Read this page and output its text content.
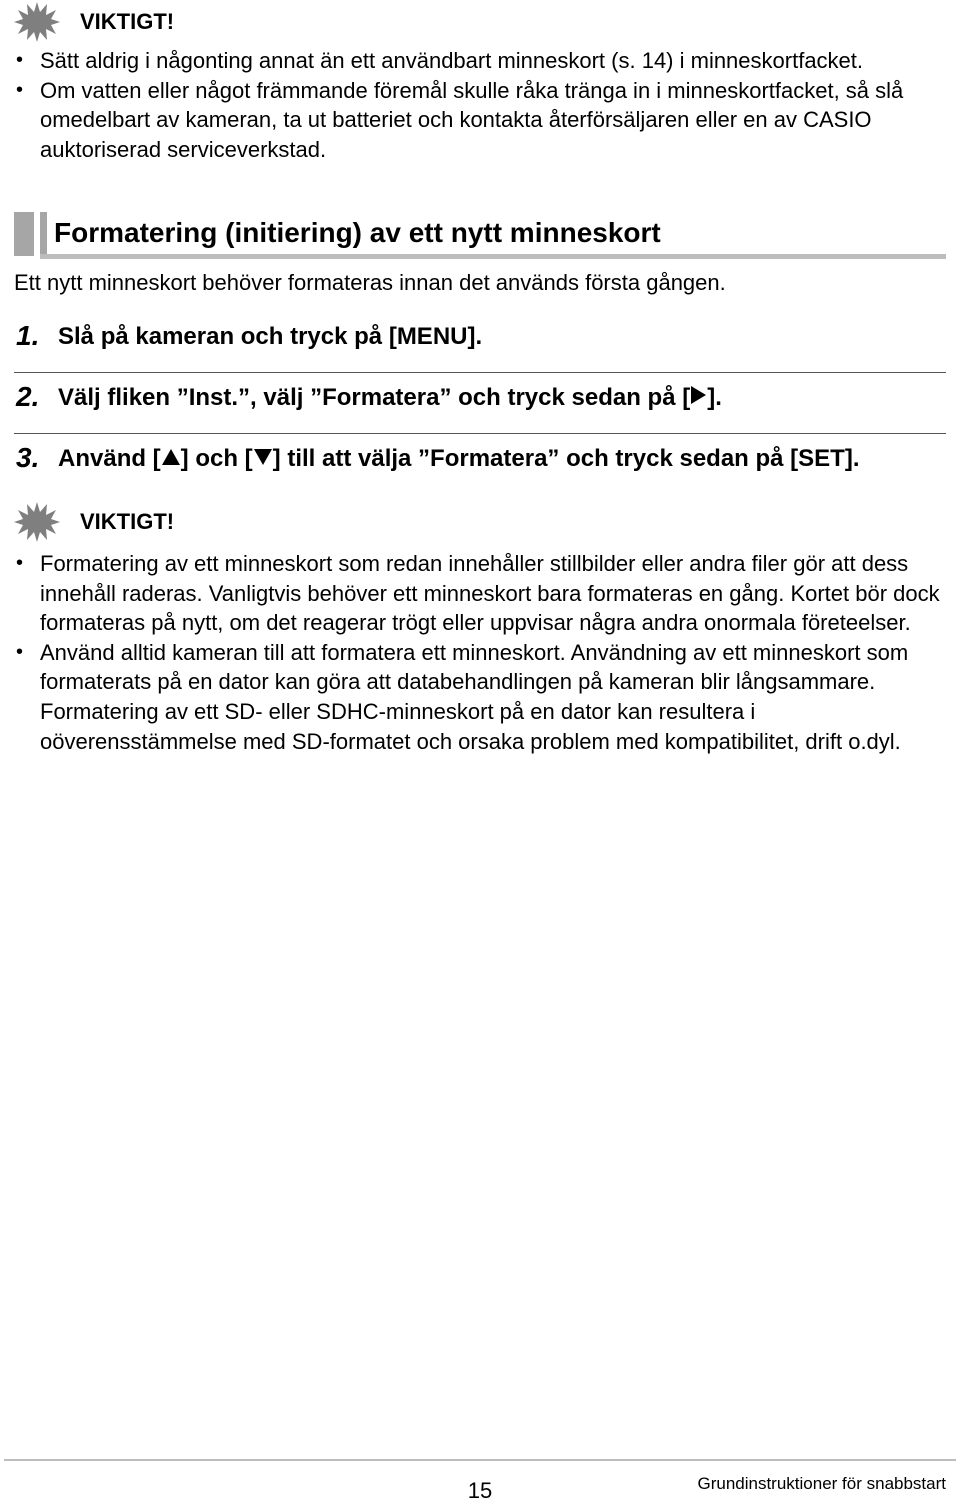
VIKTIGT!
• Sätt aldrig i någonting annat än ett användbart minneskort (s. 14) i minneskortfacket.
• Om vatten eller något främmande föremål skulle råka tränga in i minneskortfacket, så slå omedelbart av kameran, ta ut batteriet och kontakta återförsäljaren eller en av CASIO auktoriserad serviceverkstad.
Formatering (initiering) av ett nytt minneskort
Ett nytt minneskort behöver formateras innan det används första gången.
1. Slå på kameran och tryck på [MENU].
2. Välj fliken ”Inst.”, välj ”Formatera” och tryck sedan på [ ].
3. Använd [ ] och [ ] till att välja ”Formatera” och tryck sedan på [SET].
VIKTIGT!
• Formatering av ett minneskort som redan innehåller stillbilder eller andra filer gör att dess innehåll raderas. Vanligtvis behöver ett minneskort bara formateras en gång. Kortet bör dock formateras på nytt, om det reagerar trögt eller uppvisar några andra onormala företeelser.
• Använd alltid kameran till att formatera ett minneskort. Användning av ett minneskort som formaterats på en dator kan göra att databehandlingen på kameran blir långsammare. Formatering av ett SD- eller SDHC-minneskort på en dator kan resultera i oöverensstämmelse med SD-formatet och orsaka problem med kompatibilitet, drift o.dyl.
15	Grundinstruktioner för snabbstart
